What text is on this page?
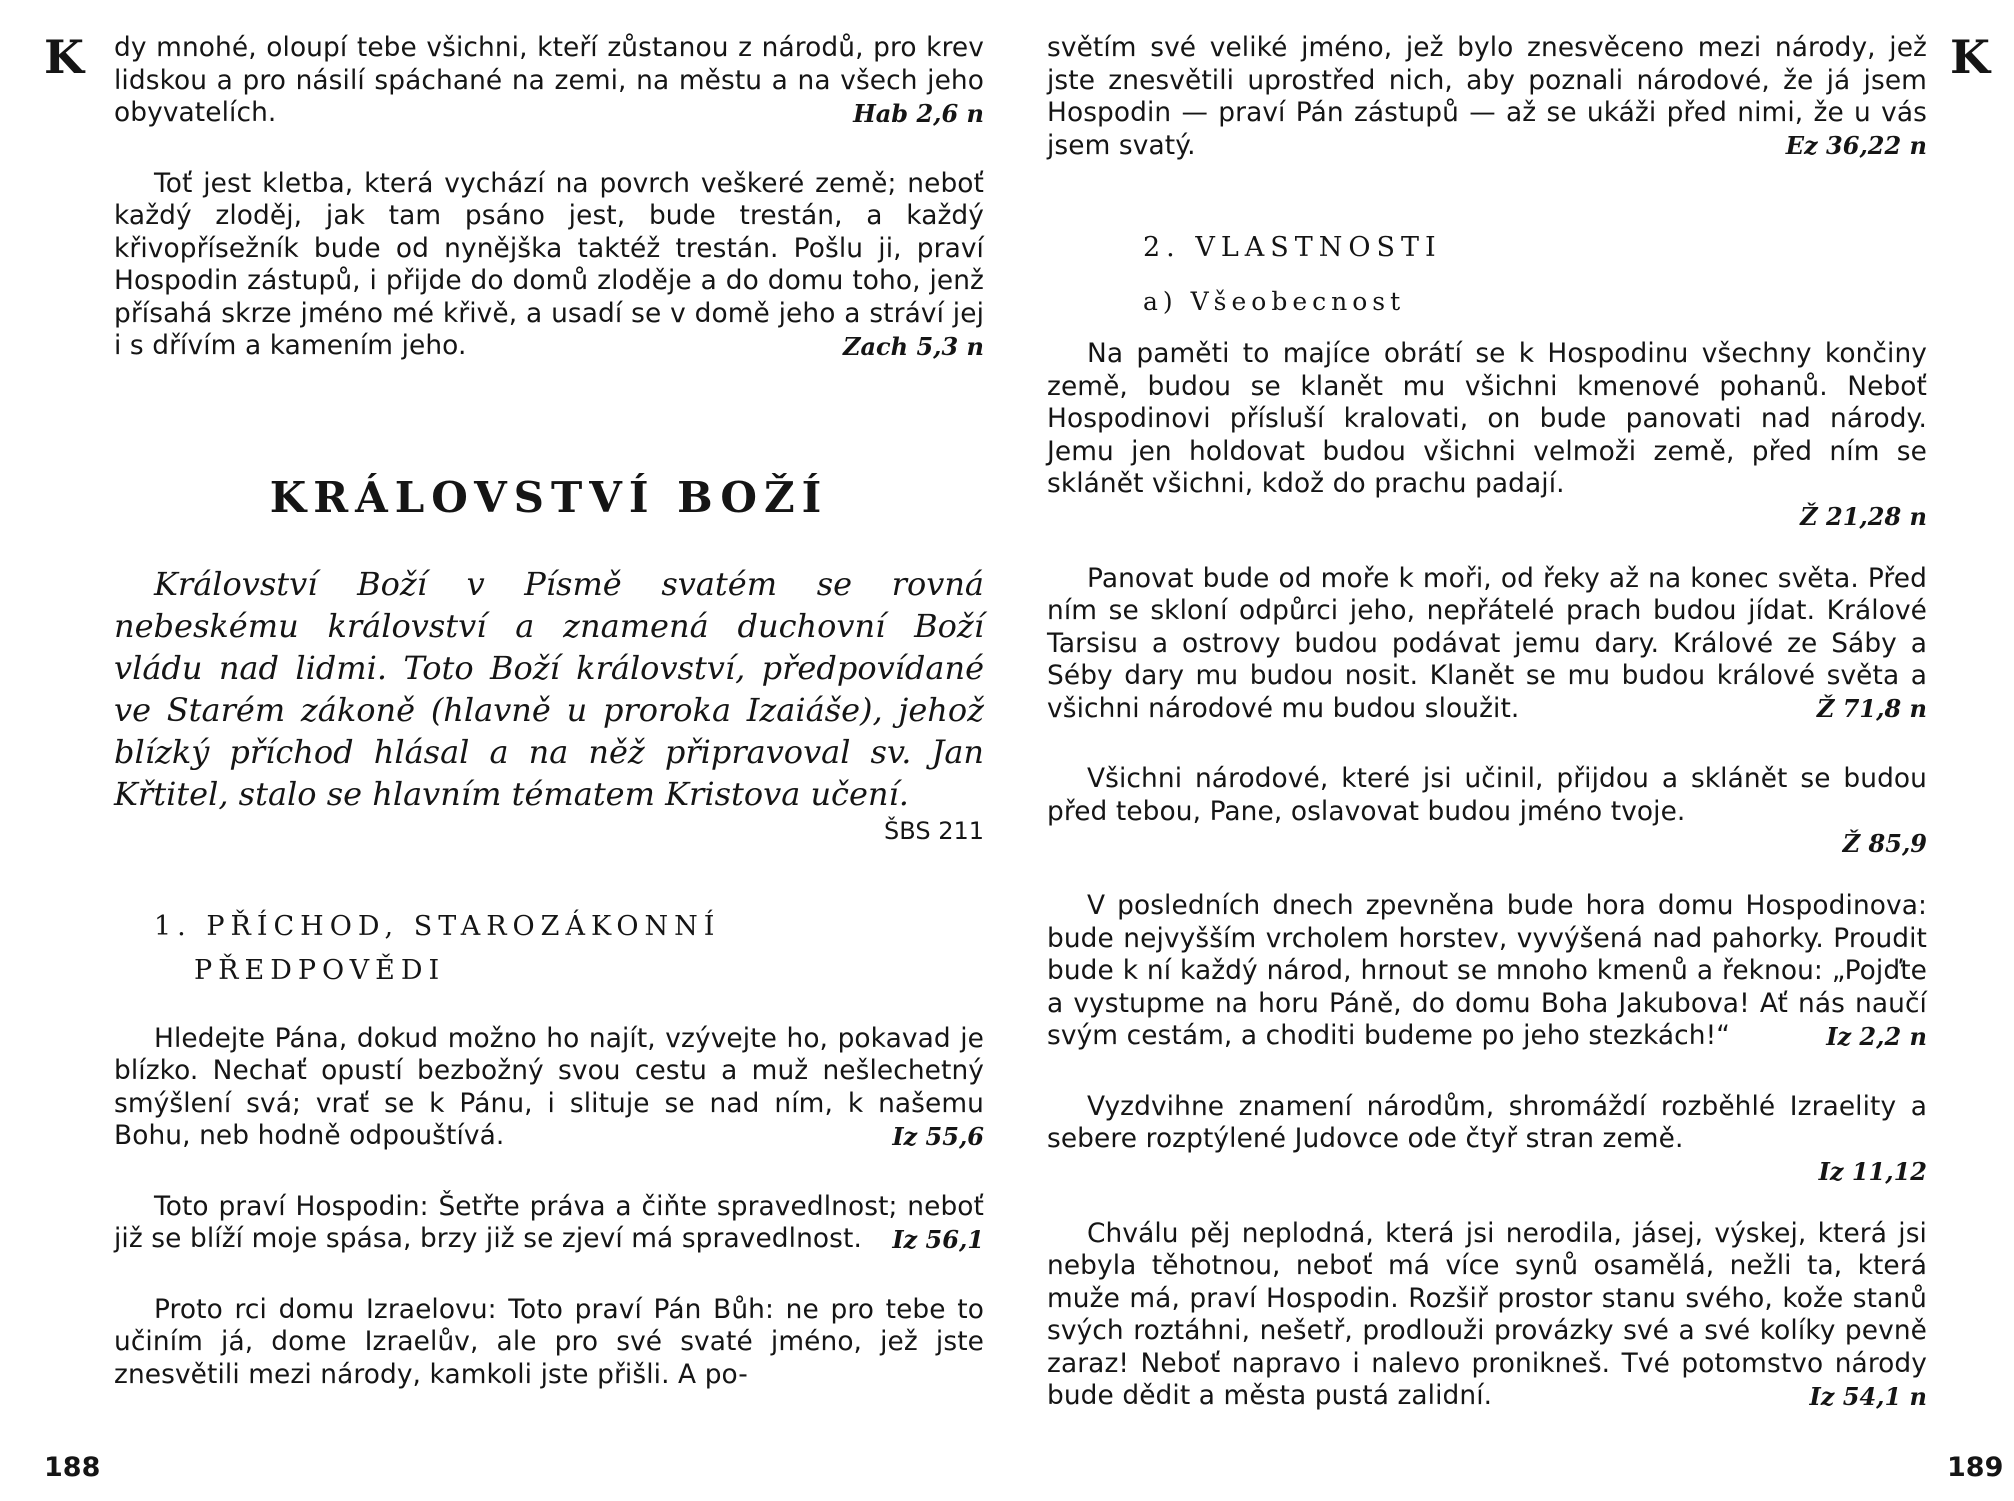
K dy mnohé, oloupí tebe všichni, kteří zůstanou z národů, pro krev lidskou a pro násilí spáchané na zemi, na městu a na všech jeho obyvatelích.	Hab 2,6 n

Toť jest kletba, která vychází na povrch veškeré země; neboť každý zloděj, jak tam psáno jest, bude trestán, a každý křivopřísežník bude od nynějška taktéž trestán. Pošlu ji, praví Hospodin zástupů, i přijde do domů zloděje a do domu toho, jenž přísahá skrze jméno mé křivě, a usadí se v domě jeho a stráví jej i s dřívím a kamením jeho.	Zach 5,3 n
KRÁLOVSTVÍ BOŽÍ

Království Boží v Písmě svatém se rovná nebeskému království a znamená duchovní Boží vládu nad lidmi. Toto Boží království, předpovídané ve Starém zákoně (hlavně u proroka Izaiáše), jehož blízký příchod hlásal a na něž připravoval sv. Jan Křtitel, stalo se hlavním tématem Kristova učení.

ŠBS 211

1. PŘÍCHOD, STAROZÁKONNÍ

PŘEDPOVĚDI

Hledejte Pána, dokud možno ho najít, vzývejte ho, pokavad je blízko. Nechať opustí bezbožný svou cestu a muž nešlechetný smýšlení svá; vrať se k Pánu, i slituje se nad ním, k našemu Bohu, neb hodně odpouštívá.	Iz 55,6

Toto praví Hospodin: Šetřte práva a čiňte spravedlnost; neboť již se blíží moje spása, brzy již se zjeví má spravedlnost.	Iz 56,1

Proto rci domu Izraelovu: Toto praví Pán Bůh: ne pro tebe to učiním já, dome Izraelův, ale pro své svaté jméno, jež jste znesvětili mezi národy, kamkoli jste přišli. A po-

188

světím své veliké jméno, jež bylo znesvěceno mezi národy, jež jste znesvětili uprostřed nich, aby poznali národové, že já jsem Hospodin — praví Pán zástupů — až se ukáži před nimi, že u vás jsem svatý.	Ez 36,22 n

2. VLASTNOSTI

a) Všeobecnost

Na paměti to majíce obrátí se k Hospodinu všechny končiny země, budou se klanět mu všichni kmenové pohanů. Neboť Hospodinovi přísluší kralovati, on bude panovati nad národy. Jemu jen holdovat budou všichni velmoži země, před ním se sklánět všichni, kdož do prachu padají.

Ž 21,28 n

Panovat bude od moře k moři, od řeky až na konec světa. Před ním se skloní odpůrci jeho, nepřátelé prach budou jídat. Králové Tarsisu a ostrovy budou podávat jemu dary. Králové ze Sáby a Séby dary mu budou nosit. Klanět se mu budou králové světa a všichni národové mu budou sloužit.	Ž 71,8 n

Všichni národové, které jsi učinil, přijdou a sklánět se budou před tebou, Pane, oslavovat budou jméno tvoje.

Ž 85,9

V posledních dnech zpevněna bude hora domu Hospodinova: bude nejvyšším vrcholem horstev, vyvýšená nad pahorky. Proudit bude k ní každý národ, hrnout se mnoho kmenů a řeknou: „Pojďte a vystupme na horu Páně, do domu Boha Jakubova! Ať nás naučí svým cestám, a choditi budeme po jeho stezkách!“	Iz 2,2 n

Vyzdvihne znamení národům, shromáždí rozběhlé Izraelity a sebere rozptýlené Judovce ode čtyř stran země.

Iz 11,12

Chválu pěj neplodná, která jsi nerodila, jásej, výskej, která jsi nebyla těhotnou, neboť má více synů osamělá, nežli ta, která muže má, praví Hospodin. Rozšiř prostor stanu svého, kože stanů svých roztáhni, nešetř, prodlouži provázky své a své kolíky pevně zaraz! Neboť napravo i nalevo pronikneš. Tvé potomstvo národy bude dědit a města pustá zalidní.	Iz 54,1 n
K
189
